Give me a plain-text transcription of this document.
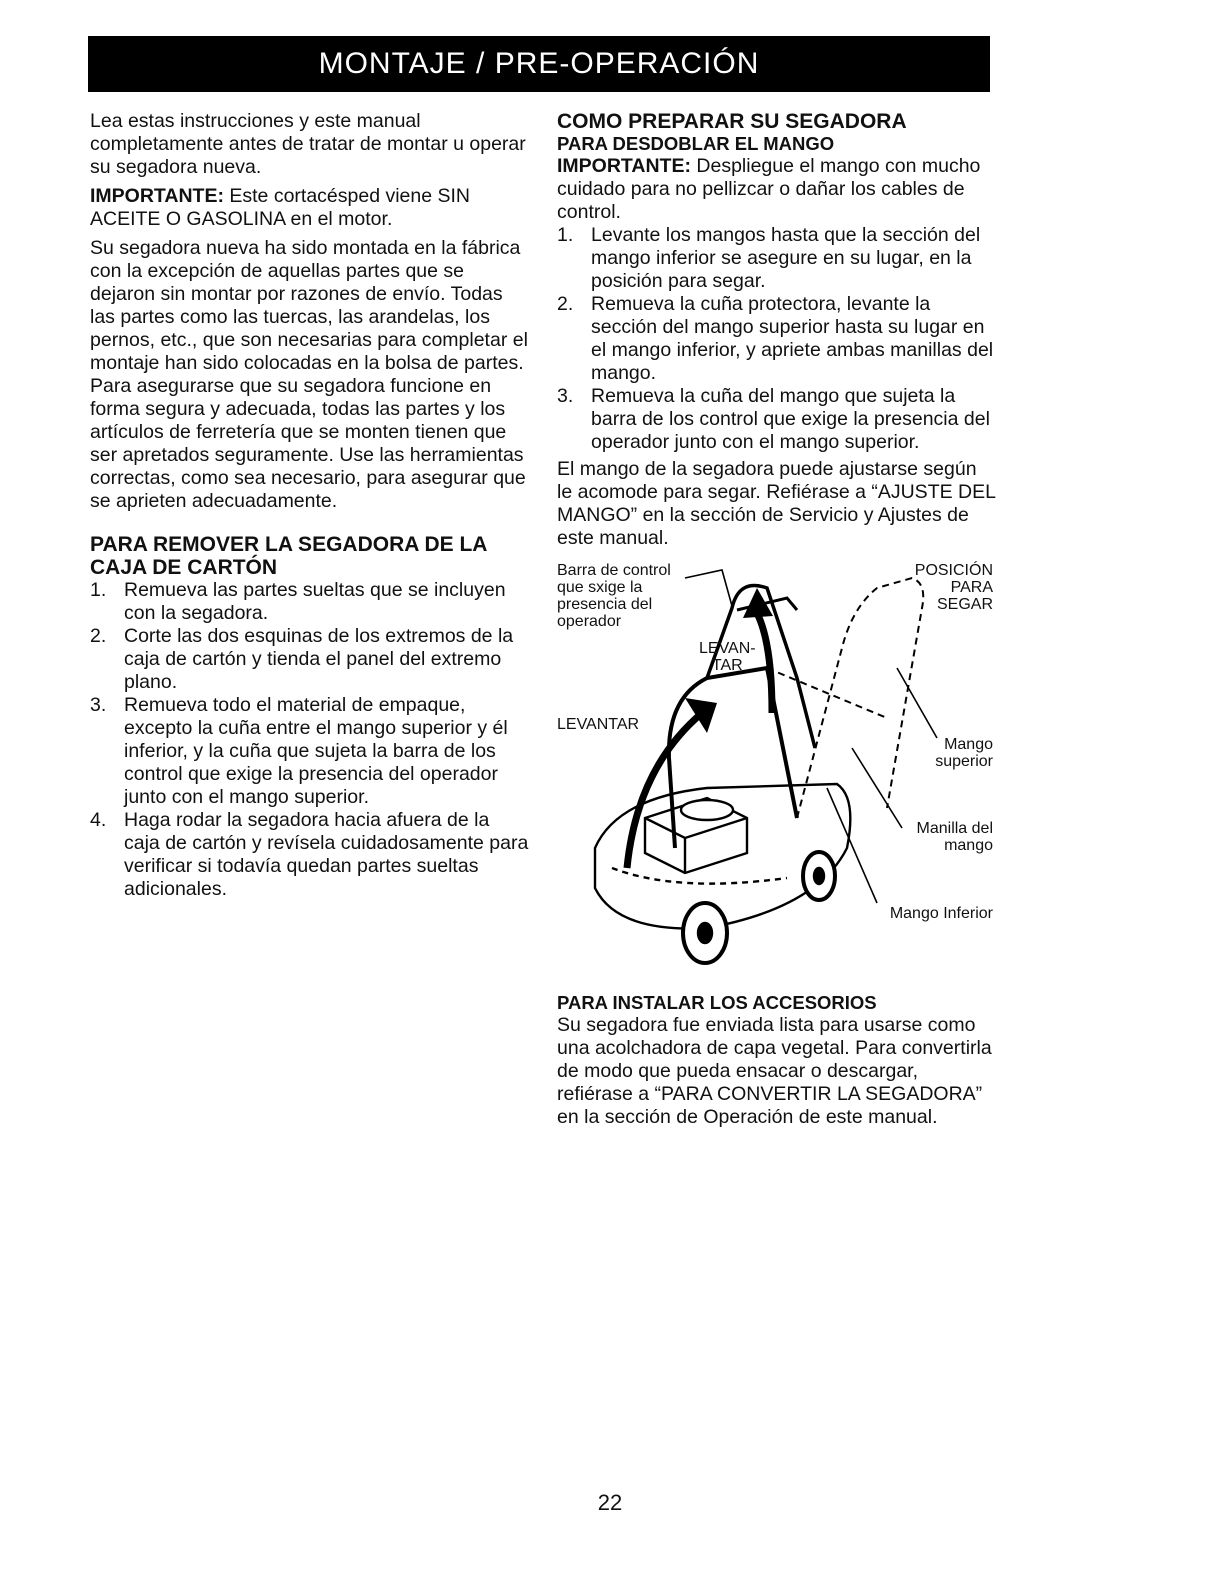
MONTAJE / PRE-OPERACIÓN

Lea estas instrucciones y este manual completamente antes de tratar de montar u operar su segadora nueva.

IMPORTANTE: Este cortacésped viene SIN ACEITE O GASOLINA en el motor.

Su segadora nueva ha sido montada en la fábrica con la excepción de aquellas partes que se dejaron sin montar por razones de envío. Todas las partes como las tuercas, las arandelas, los pernos, etc., que son necesarias para completar el montaje han sido colocadas en la bolsa de partes. Para asegurarse que su segadora funcione en forma segura y adecuada, todas las partes y los artículos de ferretería que se monten tienen que ser apretados seguramente. Use las herramientas correctas, como sea necesario, para asegurar que se aprieten adecuadamente.

PARA REMOVER LA SEGADORA DE LA CAJA DE CARTÓN
1. Remueva las partes sueltas que se incluyen con la segadora.
2. Corte las dos esquinas de los extremos de la caja de cartón y tienda el panel del extremo plano.
3. Remueva todo el material de empaque, excepto la cuña entre el mango superior y él inferior, y la cuña que sujeta la barra de los control que exige la presencia del operador junto con el mango superior.
4. Haga rodar la segadora hacia afuera de la caja de cartón y revísela cuidadosamente para verificar si todavía quedan partes sueltas adicionales.
COMO PREPARAR SU SEGADORA
PARA DESDOBLAR EL MANGO

IMPORTANTE: Despliegue el mango con mucho cuidado para no pellizcar o dañar los cables de control.

1. Levante los mangos hasta que la sección del mango inferior se asegure en su lugar, en la posición para segar.
2. Remueva la cuña protectora, levante la sección del mango superior hasta su lugar en el mango inferior, y apriete ambas manillas del mango.
3. Remueva la cuña del mango que sujeta la barra de los control que exige la presencia del operador junto con el mango superior.

El mango de la segadora puede ajustarse según le acomode para segar. Refiérase a “AJUSTE DEL MANGO” en la sección de Servicio y Ajustes de este manual.

Barra de control
que sxige la
presencia del
operador
LEVAN-
TAR
LEVANTAR
POSICIÓN
PARA
SEGAR
Mango
superior
Manilla del
mango
Mango Inferior
PARA INSTALAR LOS ACCESORIOS

Su segadora fue enviada lista para usarse como una acolchadora de capa vegetal. Para convertirla de modo que pueda ensacar o descargar, refiérase a “PARA CONVERTIR LA SEGADORA” en la sección de Operación de este manual.

22
